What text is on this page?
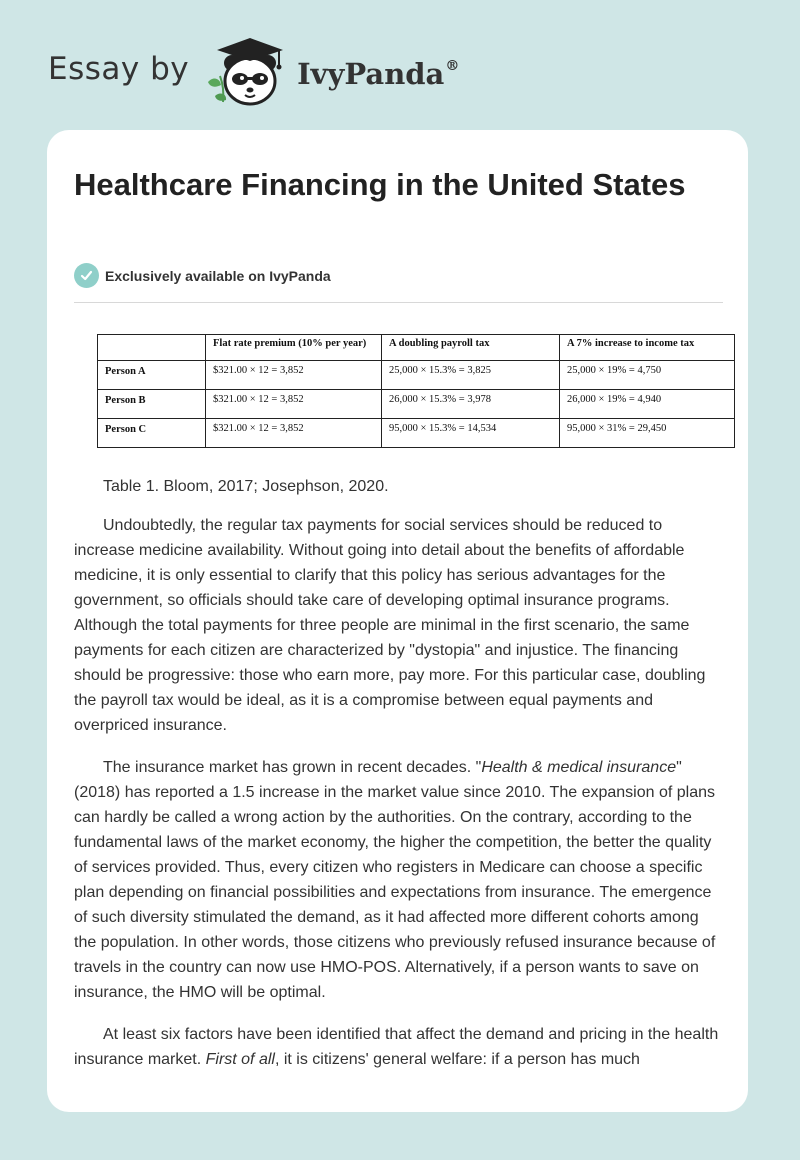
Essay by	IvyPanda®
Healthcare Financing in the United States
Exclusively available on IvyPanda
	Flat rate premium (10% per year)	A doubling payroll tax	A 7% increase to income tax
Person A	$321.00 × 12 = 3,852	25,000 × 15.3% = 3,825	25,000 × 19% = 4,750
Person B	$321.00 × 12 = 3,852	26,000 × 15.3% = 3,978	26,000 × 19% = 4,940
Person C	$321.00 × 12 = 3,852	95,000 × 15.3% = 14,534	95,000 × 31% = 29,450

Table 1. Bloom, 2017; Josephson, 2020.

Undoubtedly, the regular tax payments for social services should be reduced to increase medicine availability. Without going into detail about the benefits of affordable medicine, it is only essential to clarify that this policy has serious advantages for the government, so officials should take care of developing optimal insurance programs. Although the total payments for three people are minimal in the first scenario, the same payments for each citizen are characterized by "dystopia" and injustice. The financing should be progressive: those who earn more, pay more. For this particular case, doubling the payroll tax would be ideal, as it is a compromise between equal payments and overpriced insurance.

The insurance market has grown in recent decades. "Health & medical insurance" (2018) has reported a 1.5 increase in the market value since 2010. The expansion of plans can hardly be called a wrong action by the authorities. On the contrary, according to the fundamental laws of the market economy, the higher the competition, the better the quality of services provided. Thus, every citizen who registers in Medicare can choose a specific plan depending on financial possibilities and expectations from insurance. The emergence of such diversity stimulated the demand, as it had affected more different cohorts among the population. In other words, those citizens who previously refused insurance because of travels in the country can now use HMO-POS. Alternatively, if a person wants to save on insurance, the HMO will be optimal.

At least six factors have been identified that affect the demand and pricing in the health insurance market. First of all, it is citizens' general welfare: if a person has much
